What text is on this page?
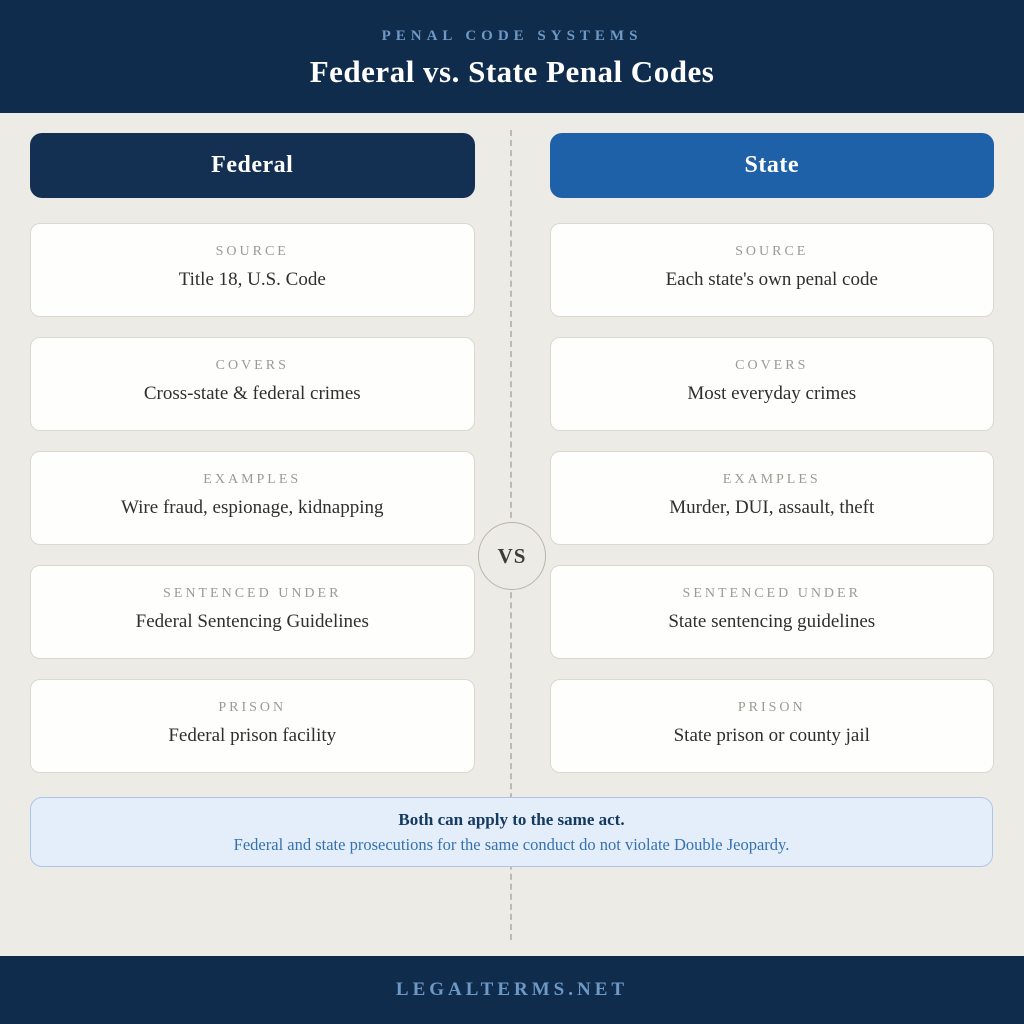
PENAL CODE SYSTEMS
Federal vs. State Penal Codes
Federal
SOURCE
Title 18, U.S. Code
COVERS
Cross-state & federal crimes
EXAMPLES
Wire fraud, espionage, kidnapping
SENTENCED UNDER
Federal Sentencing Guidelines
PRISON
Federal prison facility
State
SOURCE
Each state's own penal code
COVERS
Most everyday crimes
EXAMPLES
Murder, DUI, assault, theft
SENTENCED UNDER
State sentencing guidelines
PRISON
State prison or county jail
VS
Both can apply to the same act.
Federal and state prosecutions for the same conduct do not violate Double Jeopardy.
LEGALTERMS.NET
